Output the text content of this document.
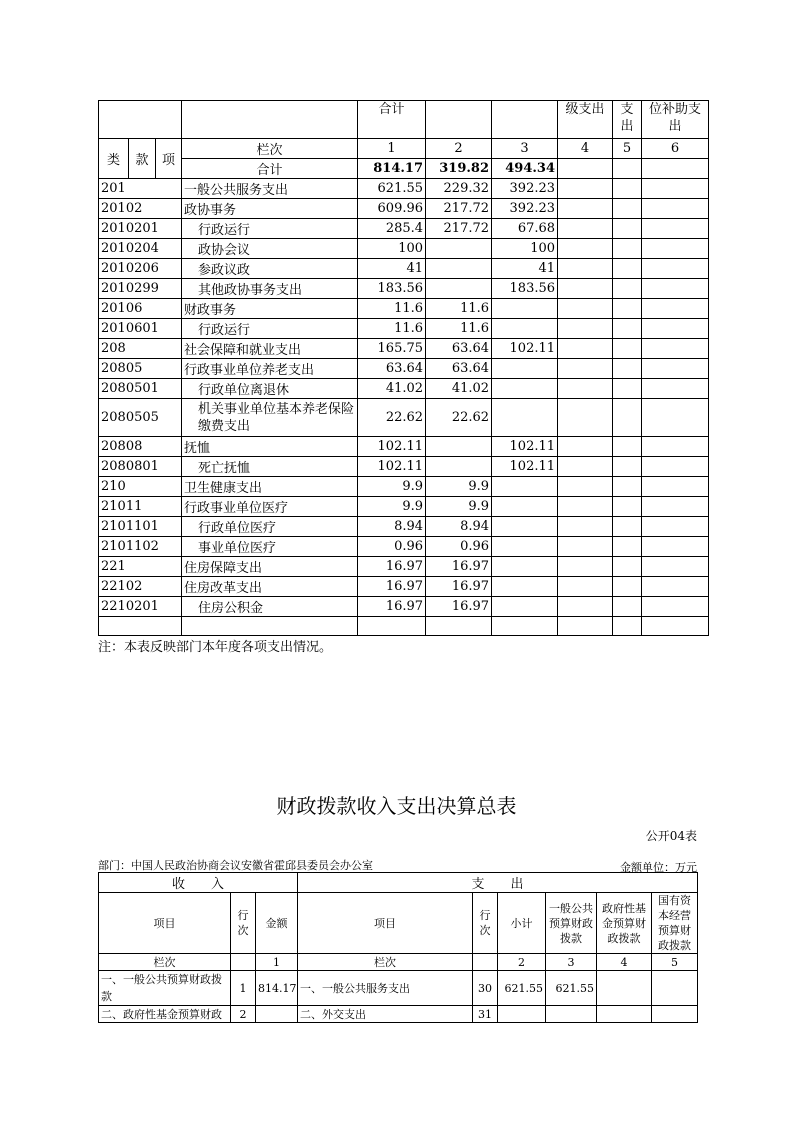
				合计			级支出	支出	位补助支出
类	款	项	栏次	1	2	3	4	5	6
			合计	814.17	319.82	494.34			
201			一般公共服务支出	621.55	229.32	392.23			
20102			政协事务	609.96	217.72	392.23			
2010201			行政运行	285.4	217.72	67.68			
2010204			政协会议	100		100			
2010206			参政议政	41		41			
2010299			其他政协事务支出	183.56		183.56			
20106			财政事务	11.6	11.6				
2010601			行政运行	11.6	11.6				
208			社会保障和就业支出	165.75	63.64	102.11			
20805			行政事业单位养老支出	63.64	63.64				
2080501			行政单位离退休	41.02	41.02				
2080505			机关事业单位基本养老保险缴费支出	22.62	22.62				
20808			抚恤	102.11		102.11			
2080801			死亡抚恤	102.11		102.11			
210			卫生健康支出	9.9	9.9				
21011			行政事业单位医疗	9.9	9.9				
2101101			行政单位医疗	8.94	8.94				
2101102			事业单位医疗	0.96	0.96				
221			住房保障支出	16.97	16.97				
22102			住房改革支出	16.97	16.97				
2210201			住房公积金	16.97	16.97				

注：本表反映部门本年度各项支出情况。
财政拨款收入支出决算总表
公开04表
部门：中国人民政治协商会议安徽省霍邱县委员会办公室	金额单位：万元
收　　入			支　　出					
项目	行次	金额	项目	行次	小计	一般公共预算财政拨款	政府性基金预算财政拨款	国有资本经营预算财政拨款
栏次		1	栏次		2	3	4	5
一、一般公共预算财政拨款	1	814.17	一、一般公共服务支出	30	621.55	621.55		
二、政府性基金预算财政	2		二、外交支出	31				
